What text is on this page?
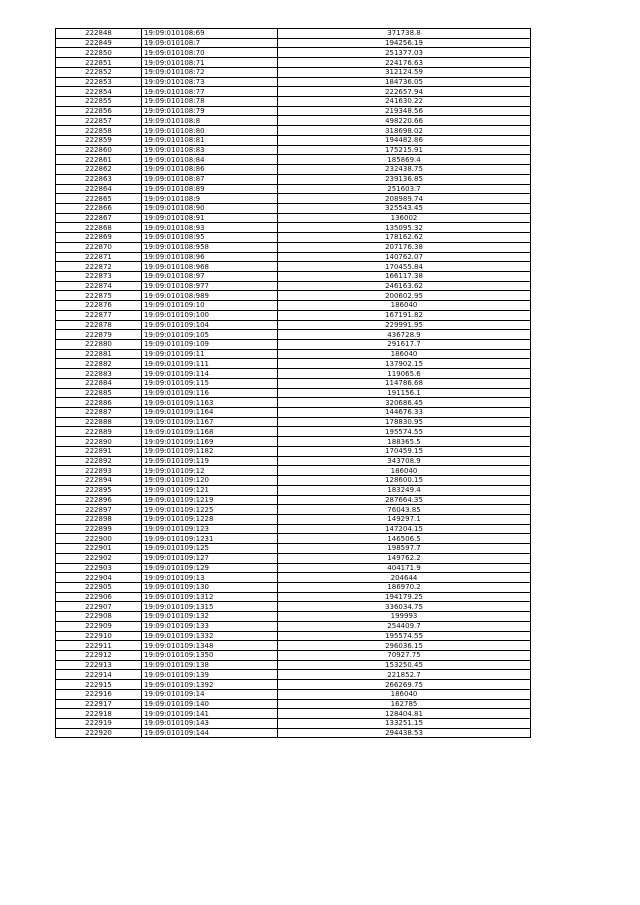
222848	19:09:010108:69	371738.8
222849	19:09:010108:7	194256.19
222850	19:09:010108:70	251377.03
222851	19:09:010108:71	224176.63
222852	19:09:010108:72	312124.59
222853	19:09:010108:73	184736.05
222854	19:09:010108:77	222657.94
222855	19:09:010108:78	241630.22
222856	19:09:010108:79	219348.56
222857	19:09:010108:8	498220.66
222858	19:09:010108:80	318698.02
222859	19:09:010108:81	194482.86
222860	19:09:010108:83	175215.91
222861	19:09:010108:84	185869.4
222862	19:09:010108:86	232438.75
222863	19:09:010108:87	239136.85
222864	19:09:010108:89	251603.7
222865	19:09:010108:9	208989.74
222866	19:09:010108:90	325543.45
222867	19:09:010108:91	136002
222868	19:09:010108:93	135095.32
222869	19:09:010108:95	178162.62
222870	19:09:010108:958	207176.38
222871	19:09:010108:96	140762.07
222872	19:09:010108:968	170455.84
222873	19:09:010108:97	166117.38
222874	19:09:010108:977	246163.62
222875	19:09:010108:989	200602.95
222876	19:09:010109:10	186040
222877	19:09:010109:100	167191.82
222878	19:09:010109:104	229991.95
222879	19:09:010109:105	436728.9
222880	19:09:010109:109	291617.7
222881	19:09:010109:11	186040
222882	19:09:010109:111	137902.15
222883	19:09:010109:114	119065.6
222884	19:09:010109:115	114786.68
222885	19:09:010109:116	191156.1
222886	19:09:010109:1163	320686.45
222887	19:09:010109:1164	144676.33
222888	19:09:010109:1167	178830.95
222889	19:09:010109:1168	195574.55
222890	19:09:010109:1169	188365.5
222891	19:09:010109:1182	170459.15
222892	19:09:010109:119	343708.9
222893	19:09:010109:12	186040
222894	19:09:010109:120	128600.15
222895	19:09:010109:121	183249.4
222896	19:09:010109:1219	287664.35
222897	19:09:010109:1225	76043.85
222898	19:09:010109:1228	149297.1
222899	19:09:010109:123	147204.15
222900	19:09:010109:1231	146506.5
222901	19:09:010109:125	198597.7
222902	19:09:010109:127	149762.2
222903	19:09:010109:129	404171.9
222904	19:09:010109:13	204644
222905	19:09:010109:130	186970.2
222906	19:09:010109:1312	194179.25
222907	19:09:010109:1315	336034.75
222908	19:09:010109:132	199993
222909	19:09:010109:133	254409.7
222910	19:09:010109:1332	195574.55
222911	19:09:010109:1348	296036.15
222912	19:09:010109:1350	70927.75
222913	19:09:010109:138	153250.45
222914	19:09:010109:139	221852.7
222915	19:09:010109:1392	266269.75
222916	19:09:010109:14	186040
222917	19:09:010109:140	162785
222918	19:09:010109:141	128404.81
222919	19:09:010109:143	133251.15
222920	19:09:010109:144	294438.53
